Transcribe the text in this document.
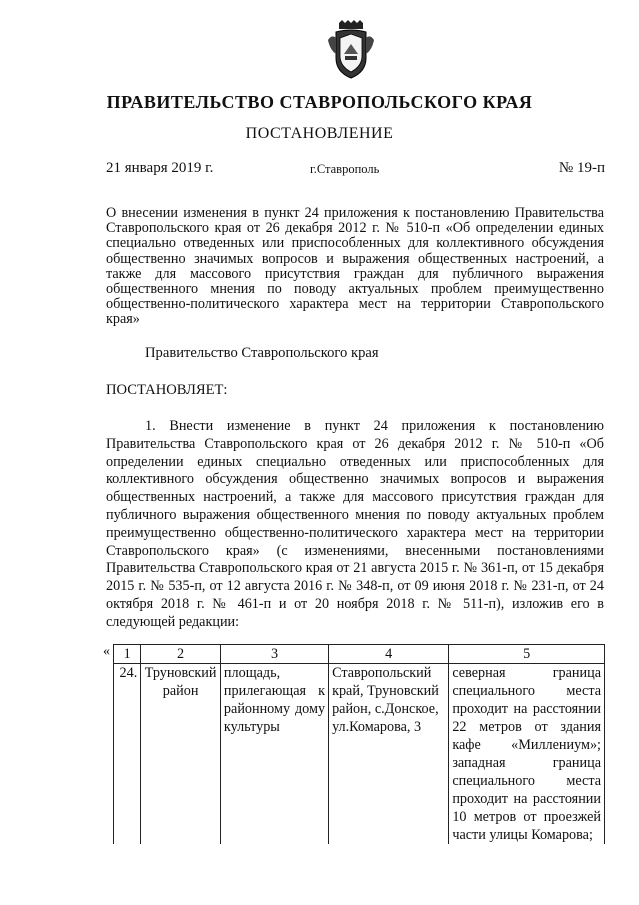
ПРАВИТЕЛЬСТВО СТАВРОПОЛЬСКОГО КРАЯ
ПОСТАНОВЛЕНИЕ
21 января 2019 г.	г.Ставрополь	№ 19-п
О внесении изменения в пункт 24 приложения к постановлению Правительства Ставропольского края от 26 декабря 2012 г. № 510-п «Об определении единых специально отведенных или приспособленных для коллективного обсуждения общественно значимых вопросов и выражения общественных настроений, а также для массового присутствия граждан для публичного выражения общественного мнения по поводу актуальных проблем преимущественно общественно-политического характера мест на территории Ставропольского края»
Правительство Ставропольского края
ПОСТАНОВЛЯЕТ:

1. Внести изменение в пункт 24 приложения к постановлению Правительства Ставропольского края от 26 декабря 2012 г. № 510-п «Об определении единых специально отведенных или приспособленных для коллективного обсуждения общественно значимых вопросов и выражения общественных настроений, а также для массового присутствия граждан для публичного выражения общественного мнения по поводу актуальных проблем преимущественно общественно-политического характера мест на территории Ставропольского края» (с изменениями, внесенными постановлениями Правительства Ставропольского края от 21 августа 2015 г. № 361-п, от 15 декабря 2015 г. № 535-п, от 12 августа 2016 г. № 348-п, от 09 июня 2018 г. № 231-п, от 24 октября 2018 г. № 461-п и от 20 ноября 2018 г. № 511-п), изложив его в следующей редакции:

« 1	2	3	4	5
24.	Труновский район	площадь, прилегающая к районному дому культуры	Ставропольский край, Труновский район, с.Донское, ул.Комарова, 3	северная граница специального места проходит на расстоянии 22 метров от здания кафе «Миллениум»; западная граница специального места проходит на расстоянии 10 метров от проезжей части улицы Комарова;
